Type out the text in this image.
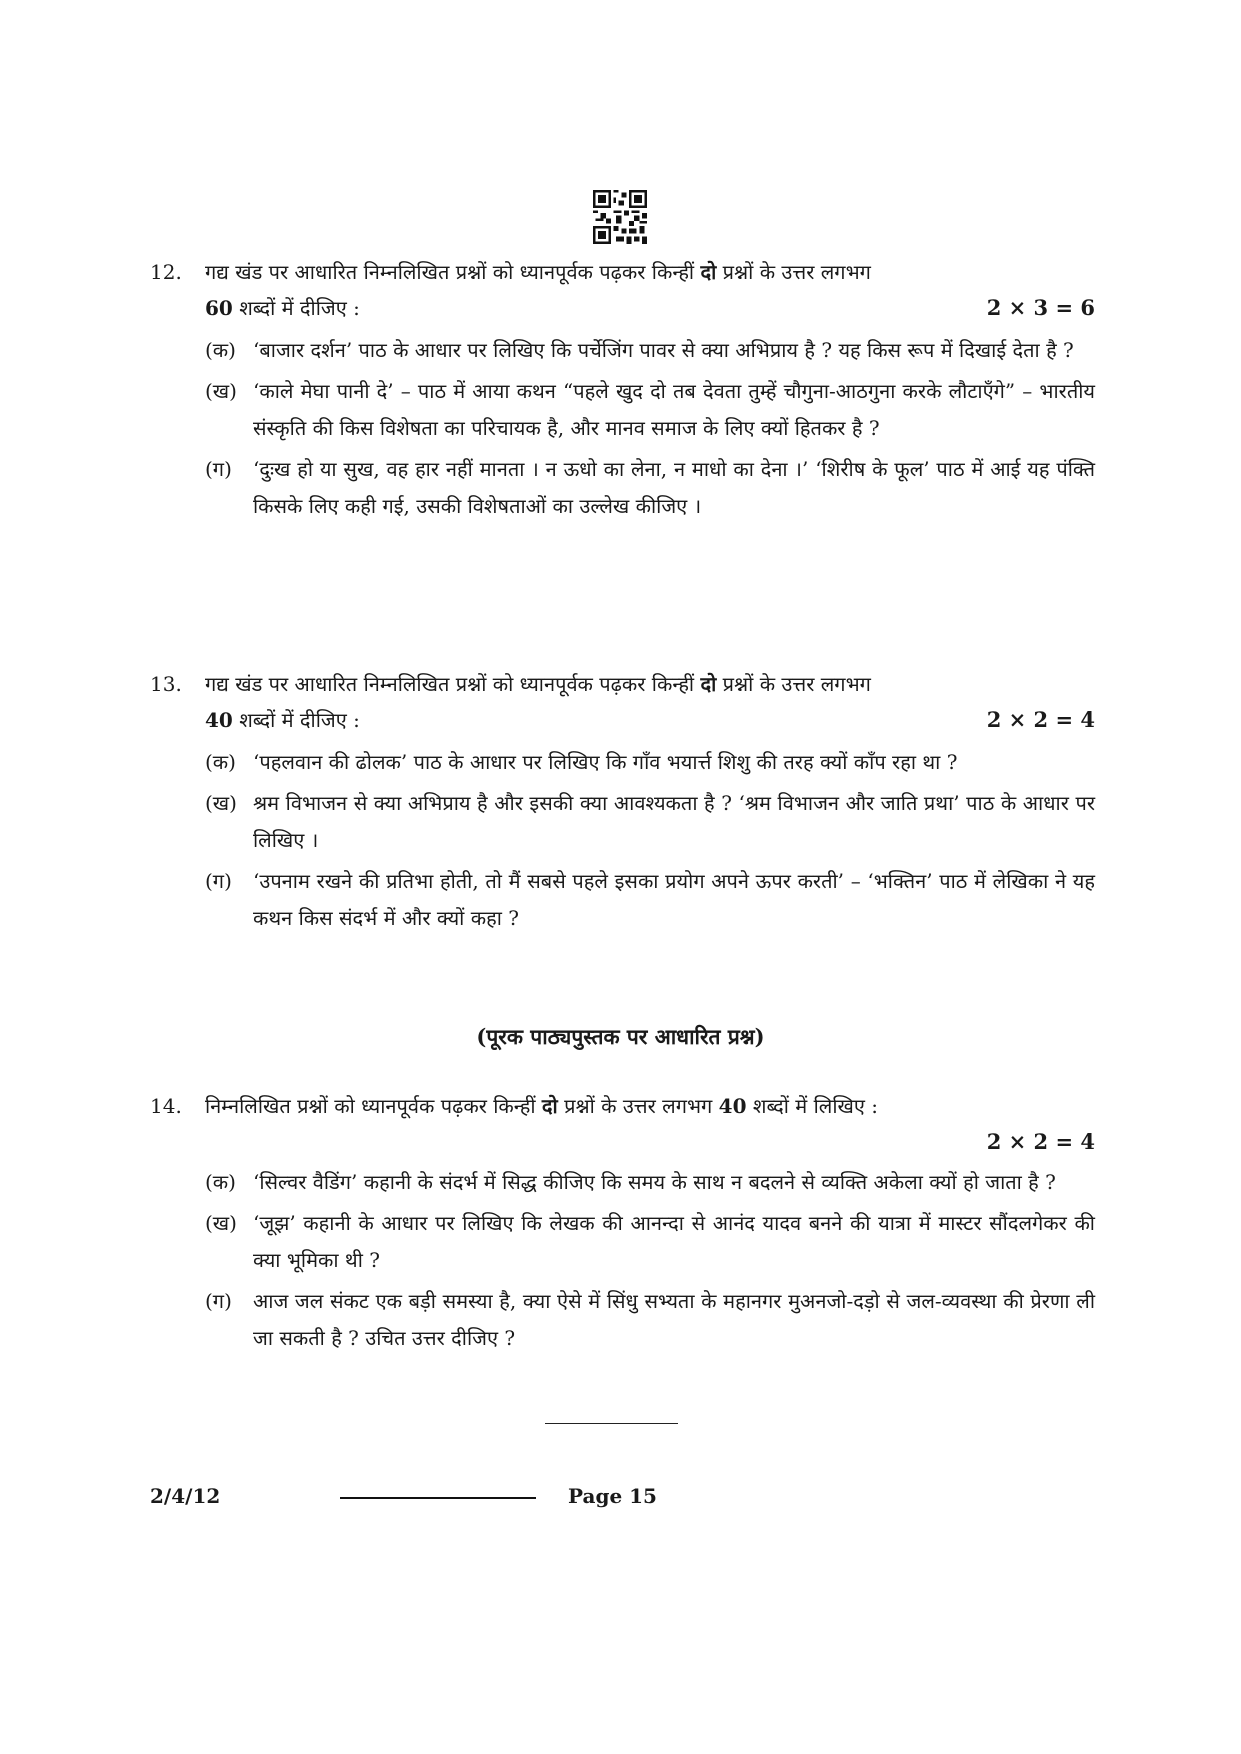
12.	गद्य खंड पर आधारित निम्नलिखित प्रश्नों को ध्यानपूर्वक पढ़कर किन्हीं दो प्रश्नों के उत्तर लगभग
60 शब्दों में दीजिए :	2 × 3 = 6
(क) ‘बाजार दर्शन’ पाठ के आधार पर लिखिए कि पर्चेजिंग पावर से क्या अभिप्राय है ? यह किस रूप में दिखाई देता है ?
(ख) ‘काले मेघा पानी दे’ – पाठ में आया कथन “पहले खुद दो तब देवता तुम्हें चौगुना-आठगुना करके लौटाएँगे” – भारतीय संस्कृति की किस विशेषता का परिचायक है, और मानव समाज के लिए क्यों हितकर है ?
(ग)	‘दुःख हो या सुख, वह हार नहीं मानता । न ऊधो का लेना, न माधो का देना ।’ ‘शिरीष के फूल’ पाठ में आई यह पंक्ति किसके लिए कही गई, उसकी विशेषताओं का उल्लेख कीजिए ।
13.	गद्य खंड पर आधारित निम्नलिखित प्रश्नों को ध्यानपूर्वक पढ़कर किन्हीं दो प्रश्नों के उत्तर लगभग
40 शब्दों में दीजिए :	2 × 2 = 4
(क) ‘पहलवान की ढोलक’ पाठ के आधार पर लिखिए कि गाँव भयार्त्त शिशु की तरह क्यों काँप रहा था ?
(ख) श्रम विभाजन से क्या अभिप्राय है और इसकी क्या आवश्यकता है ? ‘श्रम विभाजन और जाति प्रथा’ पाठ के आधार पर लिखिए ।
(ग)	‘उपनाम रखने की प्रतिभा होती, तो मैं सबसे पहले इसका प्रयोग अपने ऊपर करती’ – ‘भक्तिन’ पाठ में लेखिका ने यह कथन किस संदर्भ में और क्यों कहा ?
(पूरक पाठ्यपुस्तक पर आधारित प्रश्न)
14.	निम्नलिखित प्रश्नों को ध्यानपूर्वक पढ़कर किन्हीं दो प्रश्नों के उत्तर लगभग 40 शब्दों में लिखिए :
2 × 2 = 4
(क) ‘सिल्वर वैडिंग’ कहानी के संदर्भ में सिद्ध कीजिए कि समय के साथ न बदलने से व्यक्ति अकेला क्यों हो जाता है ?
(ख) ‘जूझ’ कहानी के आधार पर लिखिए कि लेखक की आनन्दा से आनंद यादव बनने की यात्रा में मास्टर सौंदलगेकर की क्या भूमिका थी ?
(ग)	आज जल संकट एक बड़ी समस्या है, क्या ऐसे में सिंधु सभ्यता के महानगर मुअनजो-दड़ो से जल-व्यवस्था की प्रेरणा ली जा सकती है ? उचित उत्तर दीजिए ?
2/4/12	Page 15
